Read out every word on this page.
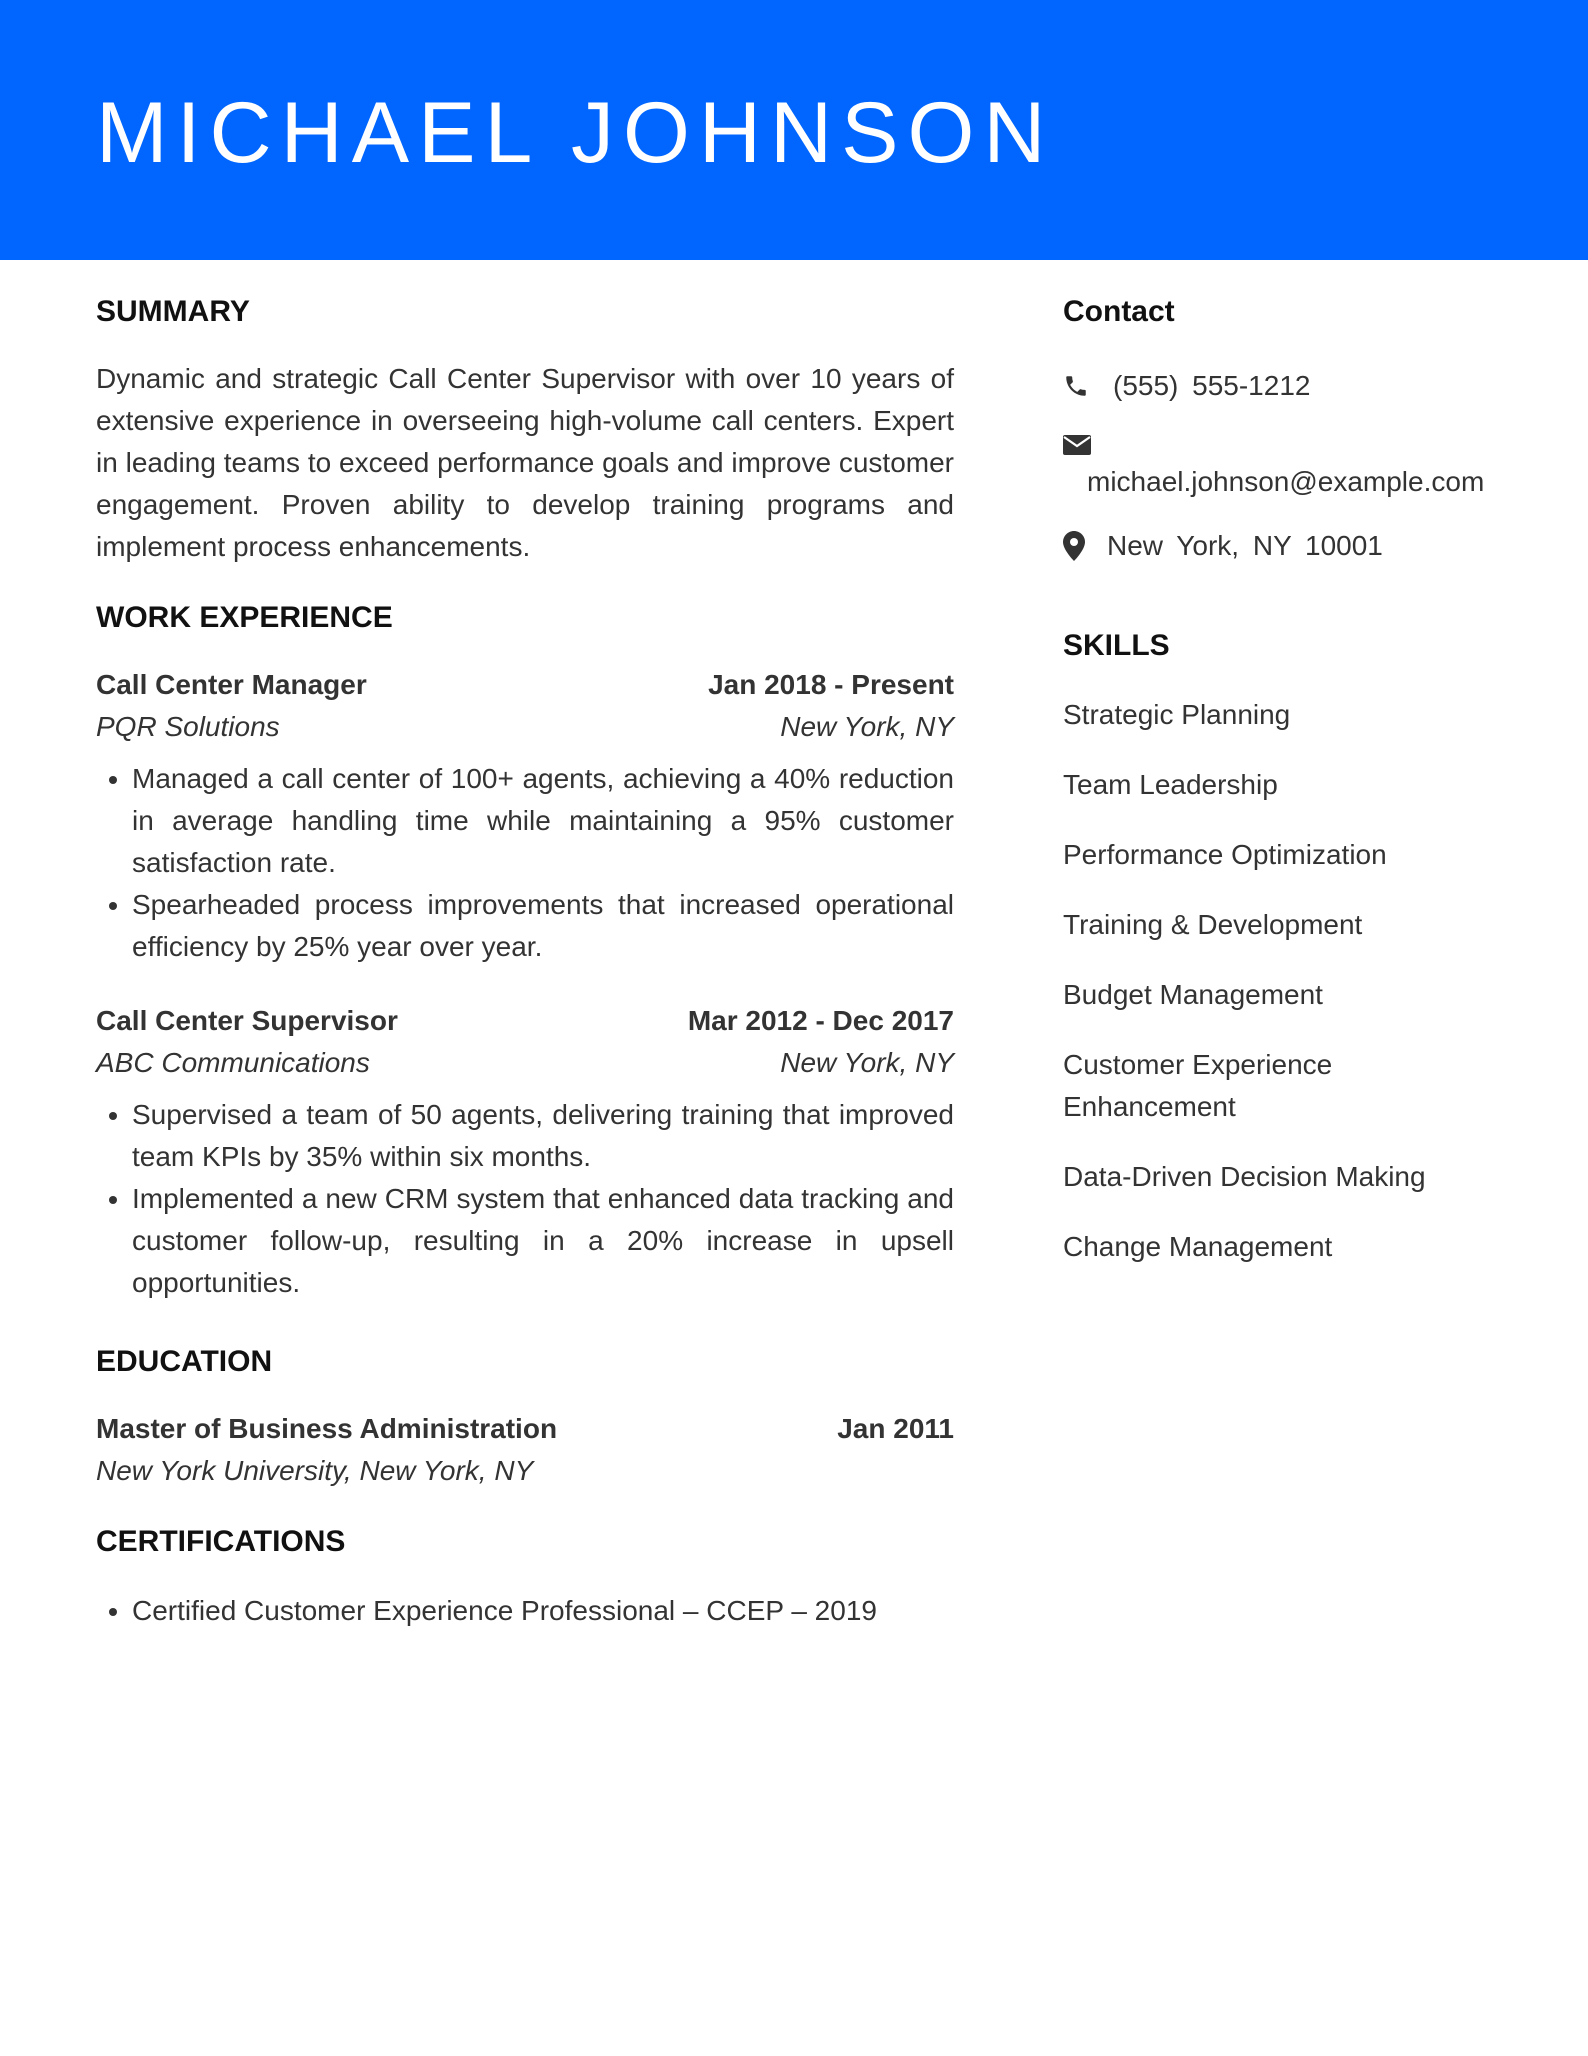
MICHAEL JOHNSON
SUMMARY

Dynamic and strategic Call Center Supervisor with over 10 years of extensive experience in overseeing high-volume call centers. Expert in leading teams to exceed performance goals and improve customer engagement. Proven ability to develop training programs and implement process enhancements.

WORK EXPERIENCE
Call Center Manager	Jan 2018 - Present
PQR Solutions	New York, NY
• Managed a call center of 100+ agents, achieving a 40% reduction in average handling time while maintaining a 95% customer satisfaction rate.
• Spearheaded process improvements that increased operational efficiency by 25% year over year.
Call Center Supervisor	Mar 2012 - Dec 2017
ABC Communications	New York, NY
• Supervised a team of 50 agents, delivering training that improved team KPIs by 35% within six months.
• Implemented a new CRM system that enhanced data tracking and customer follow-up, resulting in a 20% increase in upsell opportunities.
EDUCATION
Master of Business Administration	Jan 2011
New York University, New York, NY
CERTIFICATIONS
• Certified Customer Experience Professional – CCEP – 2019
Contact
(555) 555-1212
michael.johnson@example.com
New York, NY 10001
SKILLS

Strategic Planning

Team Leadership

Performance Optimization

Training & Development

Budget Management

Customer Experience Enhancement

Data-Driven Decision Making

Change Management
